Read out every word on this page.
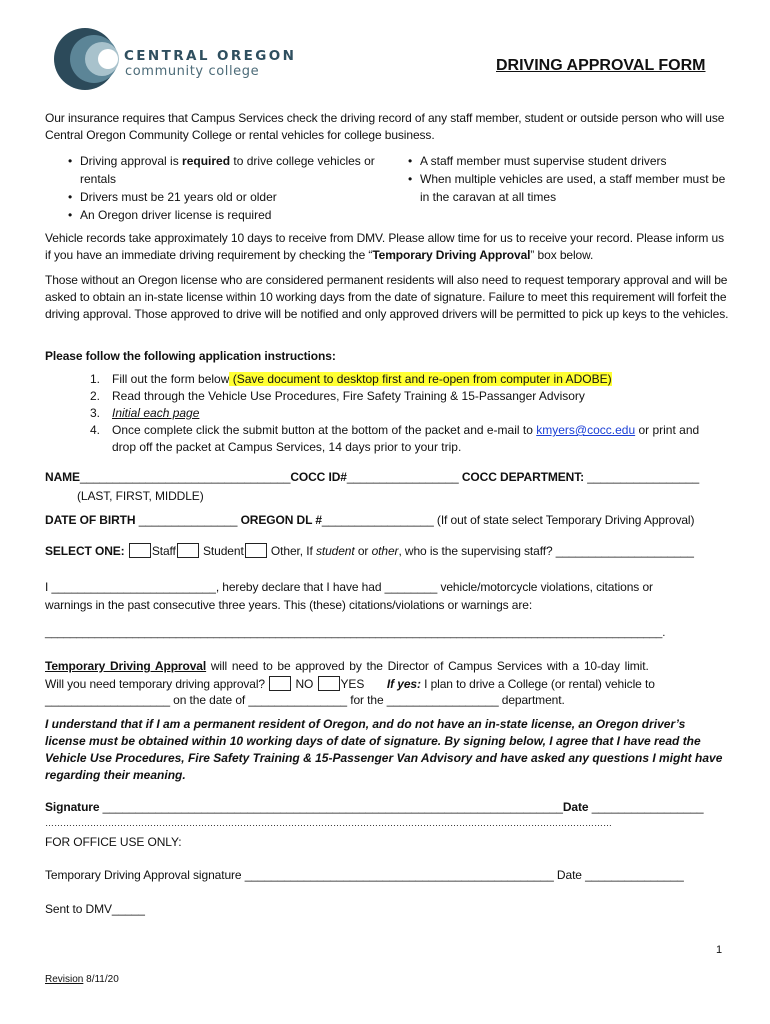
CENTRAL OREGON
community college	DRIVING APPROVAL FORM
Our insurance requires that Campus Services check the driving record of any staff member, student or outside person who will use Central Oregon Community College or rental vehicles for college business.
• Driving approval is required to drive college vehicles or rentals
• Drivers must be 21 years old or older
• An Oregon driver license is required
• A staff member must supervise student drivers
• When multiple vehicles are used, a staff member must be in the caravan at all times
Vehicle records take approximately 10 days to receive from DMV. Please allow time for us to receive your record. Please inform us if you have an immediate driving requirement by checking the “Temporary Driving Approval” box below.
Those without an Oregon license who are considered permanent residents will also need to request temporary approval and will be asked to obtain an in-state license within 10 working days from the date of signature. Failure to meet this requirement will forfeit the driving approval. Those approved to drive will be notified and only approved drivers will be permitted to pick up keys to the vehicles.
Please follow the following application instructions:
1. Fill out the form below (Save document to desktop first and re-open from computer in ADOBE)
2. Read through the Vehicle Use Procedures, Fire Safety Training & 15-Passanger Advisory
3. Initial each page
4. Once complete click the submit button at the bottom of the packet and e-mail to kmyers@cocc.edu or print and drop off the packet at Campus Services, 14 days prior to your trip.
NAME________________________________COCC ID#_________________ COCC DEPARTMENT: _________________
(LAST, FIRST, MIDDLE)
DATE OF BIRTH _______________ OREGON DL #_________________ (If out of state select Temporary Driving Approval)
SELECT ONE: Staff Student Other, If student or other, who is the supervising staff? _____________________
I _________________________, hereby declare that I have had ________ vehicle/motorcycle violations, citations or
warnings in the past consecutive three years. This (these) citations/violations or warnings are:
___________________________________________________________________________________________________.
Temporary Driving Approval will need to be approved by the Director of Campus Services with a 10-day limit.
Will you need temporary driving approval?  NO YES If yes: I plan to drive a College (or rental) vehicle to
___________________ on the date of _______________ for the _________________ department.
I understand that if I am a permanent resident of Oregon, and do not have an in-state license, an Oregon driver’s license must be obtained within 10 working days of date of signature. By signing below, I agree that I have read the Vehicle Use Procedures, Fire Safety Training & 15-Passenger Van Advisory and have asked any questions I might have regarding their meaning.
Signature ______________________________________________________________________Date _________________
………………………………………………………………………………………………………………………………………………………………………
FOR OFFICE USE ONLY:
Temporary Driving Approval signature _______________________________________________ Date _______________
Sent to DMV_____
1
Revision 8/11/20
